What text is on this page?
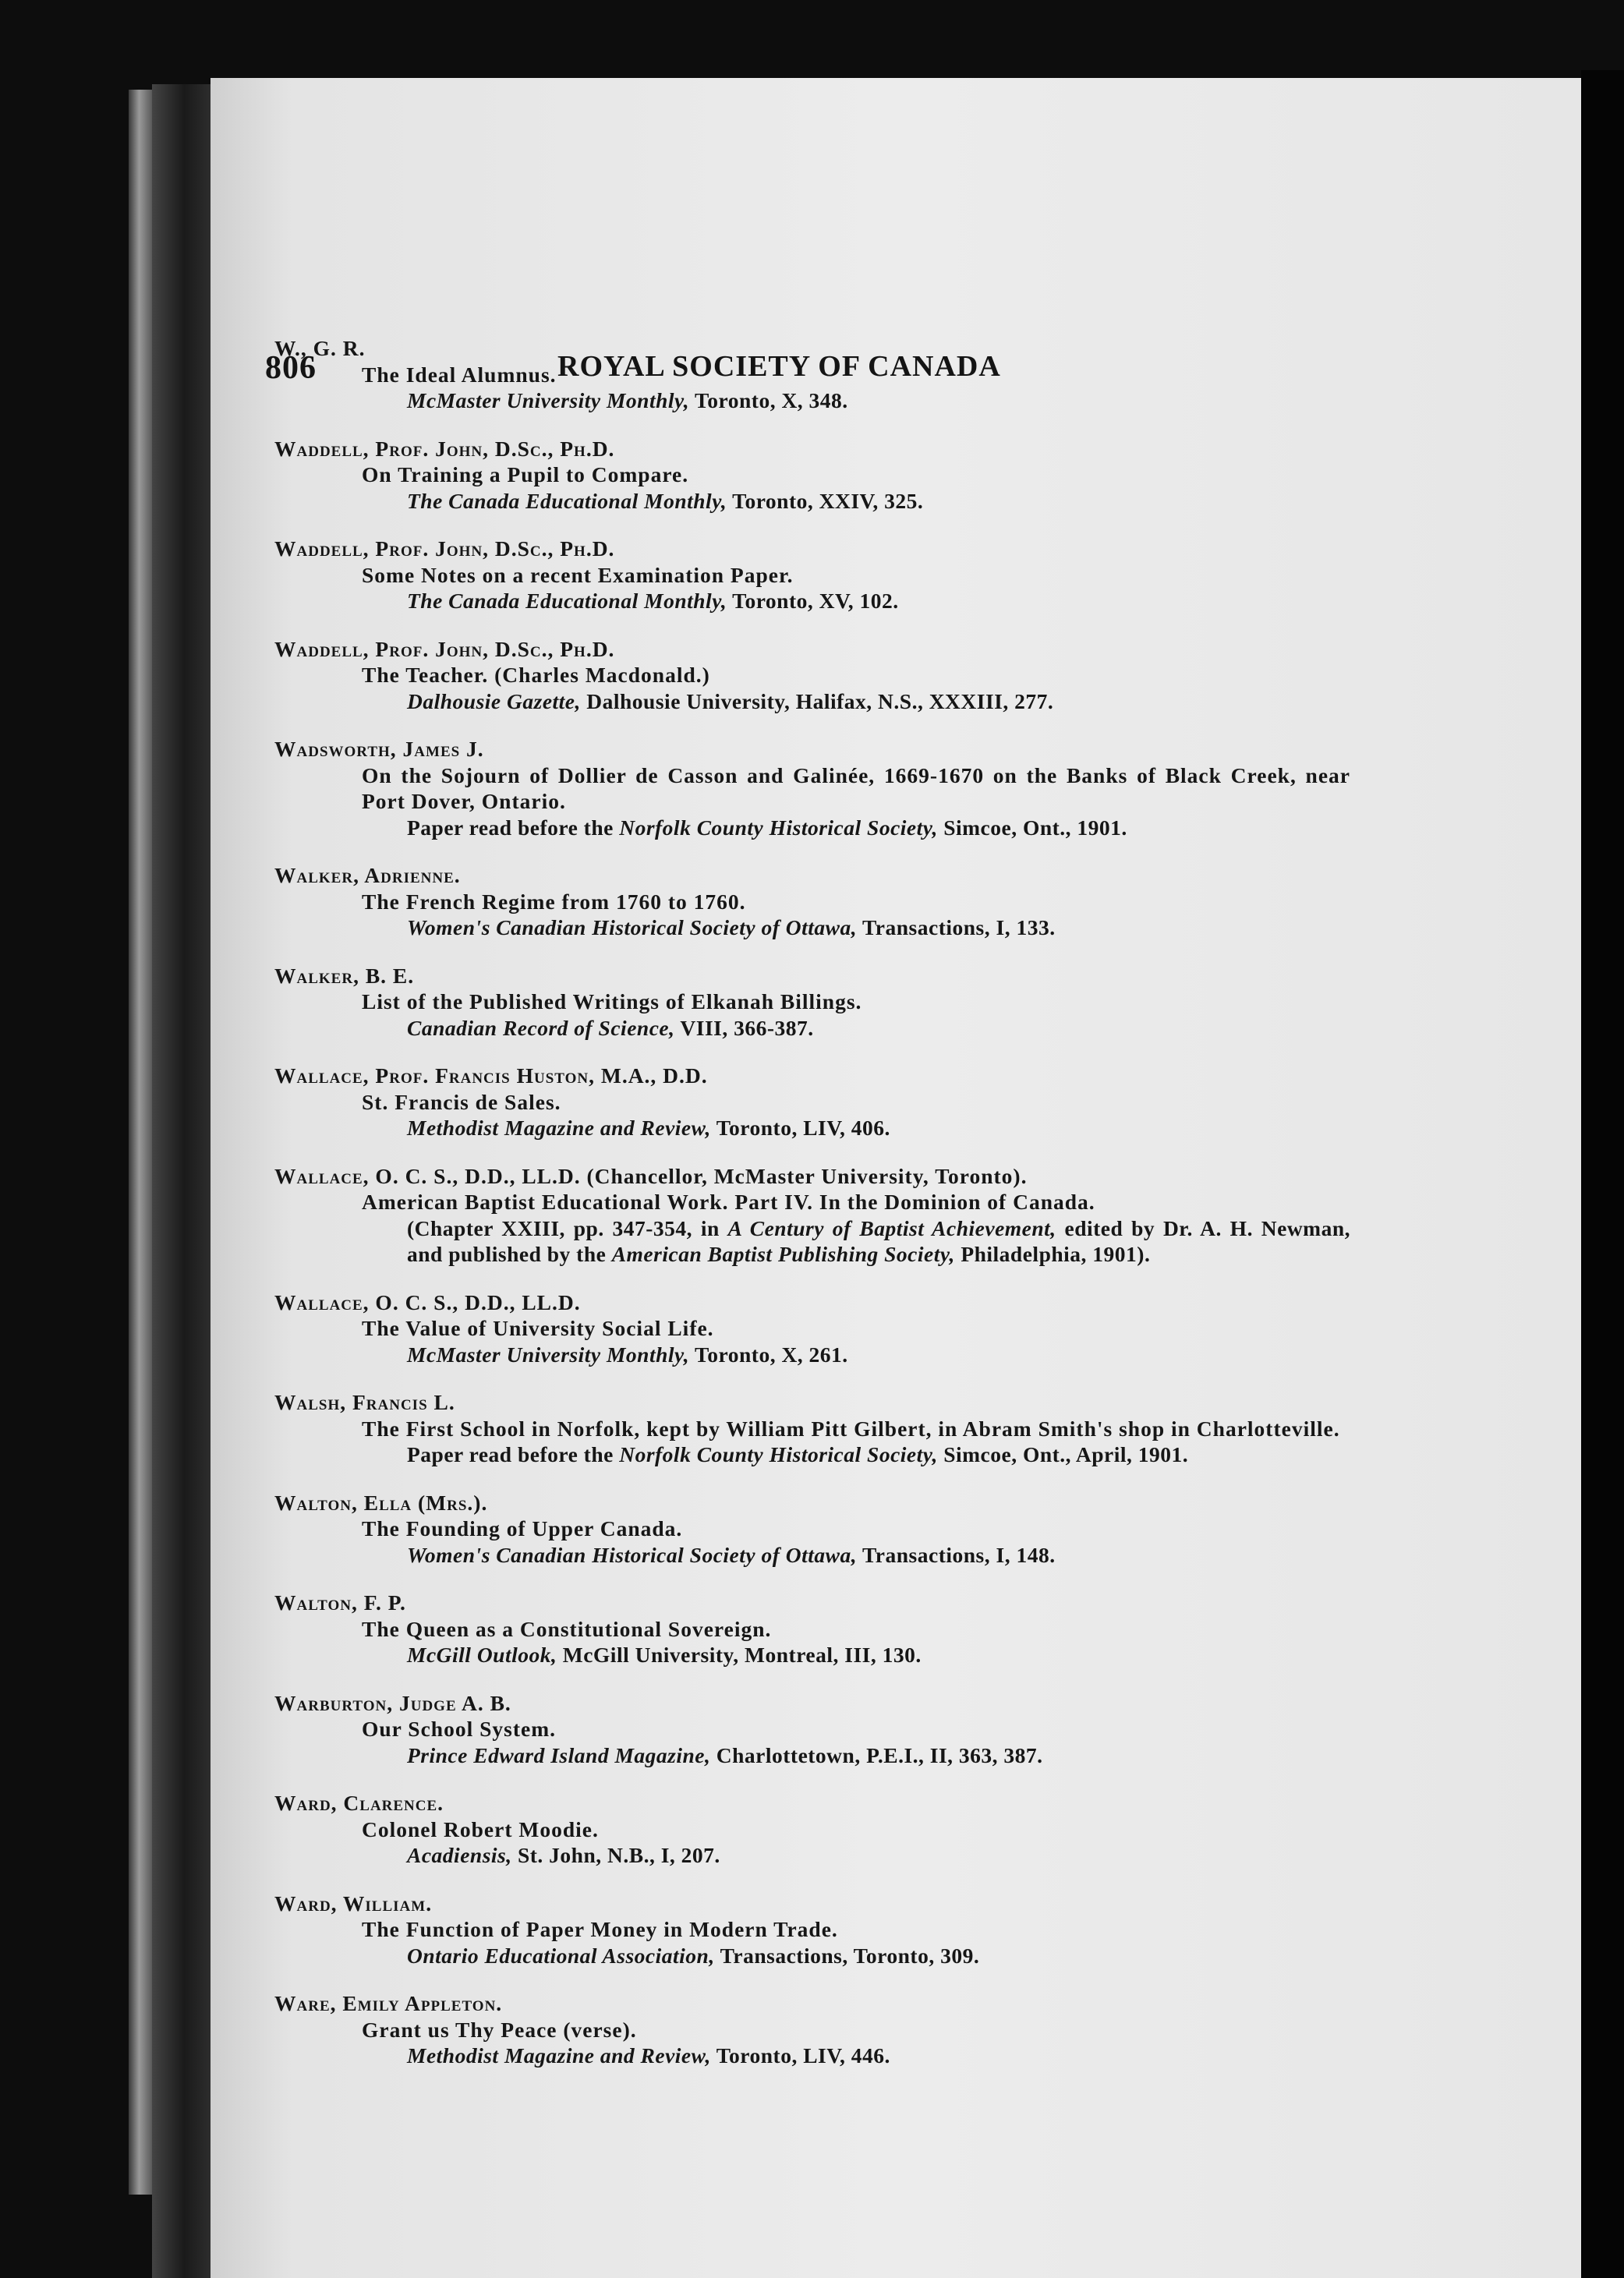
806	ROYAL SOCIETY OF CANADA
W., G. R.
The Ideal Alumnus.
McMaster University Monthly, Toronto, X, 348.
Waddell, Prof. John, D.Sc., Ph.D.
On Training a Pupil to Compare.
The Canada Educational Monthly, Toronto, XXIV, 325.
Waddell, Prof. John, D.Sc., Ph.D.
Some Notes on a recent Examination Paper.
The Canada Educational Monthly, Toronto, XV, 102.
Waddell, Prof. John, D.Sc., Ph.D.
The Teacher. (Charles Macdonald.)
Dalhousie Gazette, Dalhousie University, Halifax, N.S., XXXIII, 277.
Wadsworth, James J.
On the Sojourn of Dollier de Casson and Galinée, 1669-1670 on the Banks of Black Creek, near Port Dover, Ontario.
Paper read before the Norfolk County Historical Society, Simcoe, Ont., 1901.
Walker, Adrienne.
The French Regime from 1760 to 1760.
Women's Canadian Historical Society of Ottawa, Transactions, I, 133.
Walker, B. E.
List of the Published Writings of Elkanah Billings.
Canadian Record of Science, VIII, 366-387.
Wallace, Prof. Francis Huston, M.A., D.D.
St. Francis de Sales.
Methodist Magazine and Review, Toronto, LIV, 406.
Wallace, O. C. S., D.D., LL.D. (Chancellor, McMaster University, Toronto).
American Baptist Educational Work. Part IV. In the Dominion of Canada.
(Chapter XXIII, pp. 347-354, in A Century of Baptist Achievement, edited by Dr. A. H. Newman, and published by the American Baptist Publishing Society, Philadelphia, 1901).
Wallace, O. C. S., D.D., LL.D.
The Value of University Social Life.
McMaster University Monthly, Toronto, X, 261.
Walsh, Francis L.
The First School in Norfolk, kept by William Pitt Gilbert, in Abram Smith's shop in Charlotteville.
Paper read before the Norfolk County Historical Society, Simcoe, Ont., April, 1901.
Walton, Ella (Mrs.).
The Founding of Upper Canada.
Women's Canadian Historical Society of Ottawa, Transactions, I, 148.
Walton, F. P.
The Queen as a Constitutional Sovereign.
McGill Outlook, McGill University, Montreal, III, 130.
Warburton, Judge A. B.
Our School System.
Prince Edward Island Magazine, Charlottetown, P.E.I., II, 363, 387.
Ward, Clarence.
Colonel Robert Moodie.
Acadiensis, St. John, N.B., I, 207.
Ward, William.
The Function of Paper Money in Modern Trade.
Ontario Educational Association, Transactions, Toronto, 309.
Ware, Emily Appleton.
Grant us Thy Peace (verse).
Methodist Magazine and Review, Toronto, LIV, 446.
